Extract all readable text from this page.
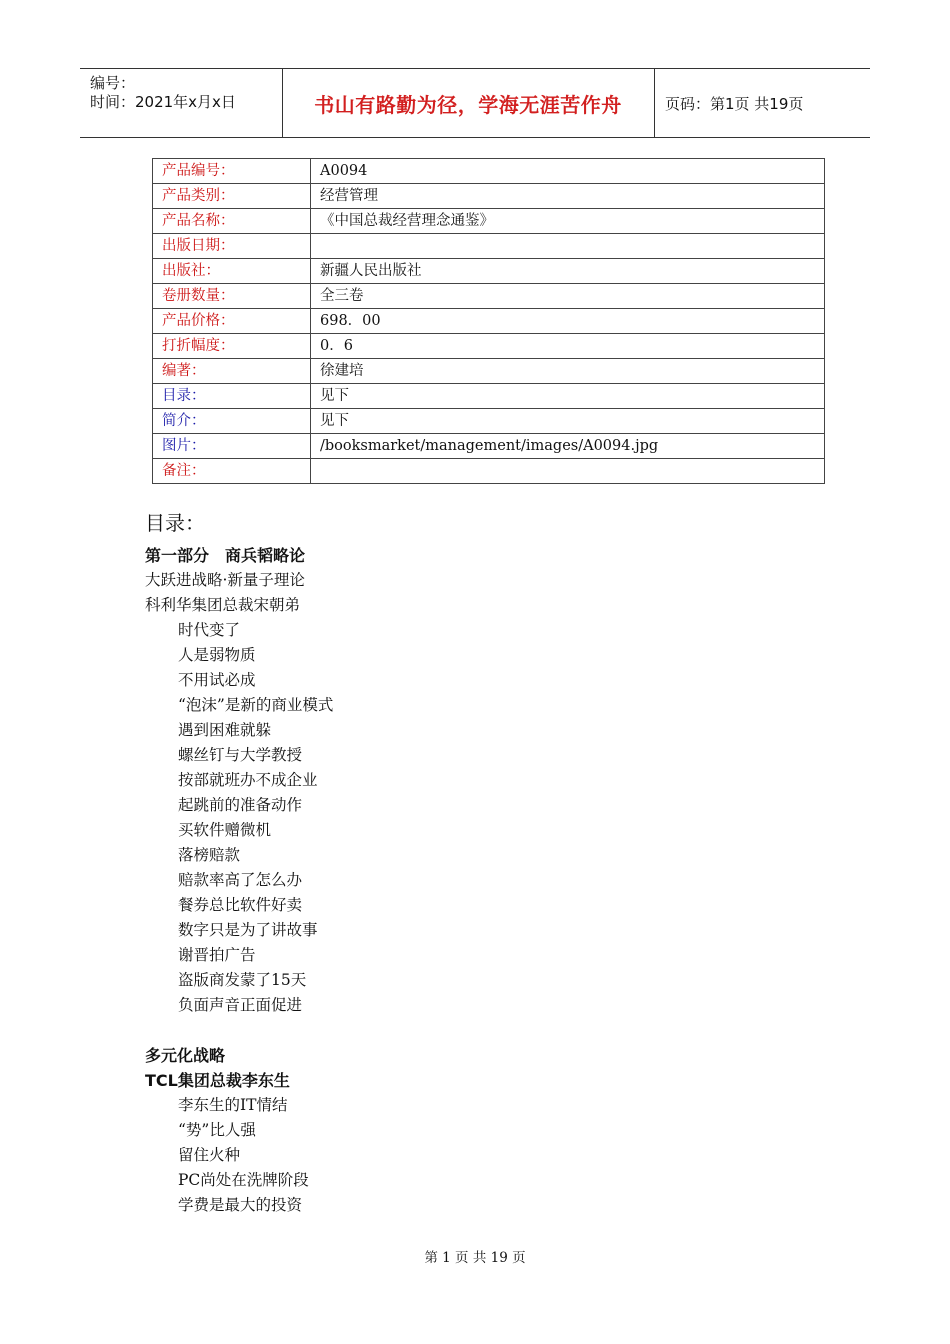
编号：
时间：2021年x月x日	书山有路勤为径，学海无涯苦作舟	页码：第1页 共19页
产品编号：	A0094
产品类别：	经营管理
产品名称：	《中国总裁经营理念通鉴》
出版日期：	
出版社：	新疆人民出版社
卷册数量：	全三卷
产品价格：	698．00
打折幅度：	0．6
编著：	徐建培
目录：	见下
简介：	见下
图片：	/booksmarket/management/images/A0094.jpg
备注：	
目录：
第一部分　商兵韬略论
大跃进战略·新量子理论
科利华集团总裁宋朝弟
时代变了
人是弱物质
不用试必成
“泡沫”是新的商业模式
遇到困难就躲
螺丝钉与大学教授
按部就班办不成企业
起跳前的准备动作
买软件赠微机
落榜赔款
赔款率高了怎么办
餐券总比软件好卖
数字只是为了讲故事
谢晋拍广告
盗版商发蒙了15天
负面声音正面促进
多元化战略
TCL集团总裁李东生
李东生的IT情结
“势”比人强
留住火种
PC尚处在洗牌阶段
学费是最大的投资
第 1 页 共 19 页
